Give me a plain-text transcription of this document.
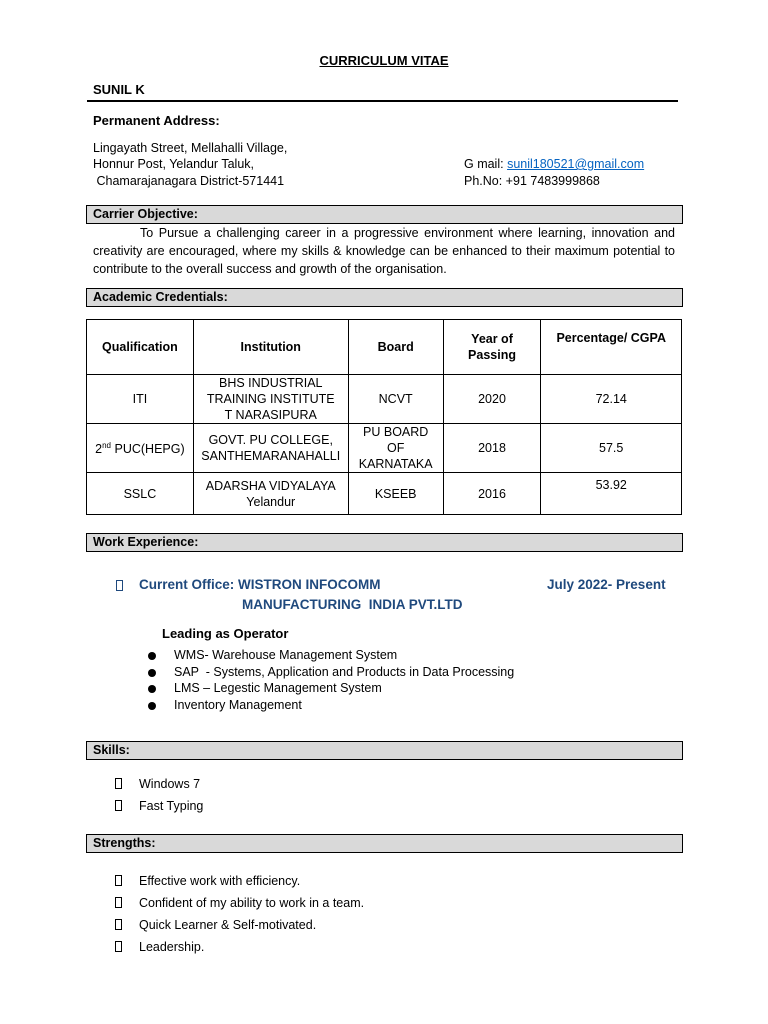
CURRICULUM VITAE
SUNIL K
Permanent Address:
Lingayath Street, Mellahalli Village,
Honnur Post, Yelandur Taluk,
Chamarajanagara District-571441
G mail: sunil180521@gmail.com
Ph.No: +91 7483999868
Carrier Objective:
To Pursue a challenging career in a progressive environment where learning, innovation and creativity are encouraged, where my skills & knowledge can be enhanced to their maximum potential to contribute to the overall success and growth of the organisation.
Academic Credentials:
Qualification	Institution	Board	Year of Passing	Percentage/ CGPA
ITI	BHS INDUSTRIAL TRAINING INSTITUTE T NARASIPURA	NCVT	2020	72.14
2nd PUC(HEPG)	GOVT. PU COLLEGE, SANTHEMARANAHALLI	PU BOARD OF KARNATAKA	2018	57.5
SSLC	ADARSHA VIDYALAYA Yelandur	KSEEB	2016	53.92
Work Experience:
Current Office: WISTRON INFOCOMM
MANUFACTURING  INDIA PVT.LTD
July 2022- Present
Leading as Operator
WMS- Warehouse Management System
SAP  - Systems, Application and Products in Data Processing
LMS – Legestic Management System
Inventory Management
Skills:
Windows 7
Fast Typing
Strengths:
Effective work with efficiency.
Confident of my ability to work in a team.
Quick Learner & Self-motivated.
Leadership.
